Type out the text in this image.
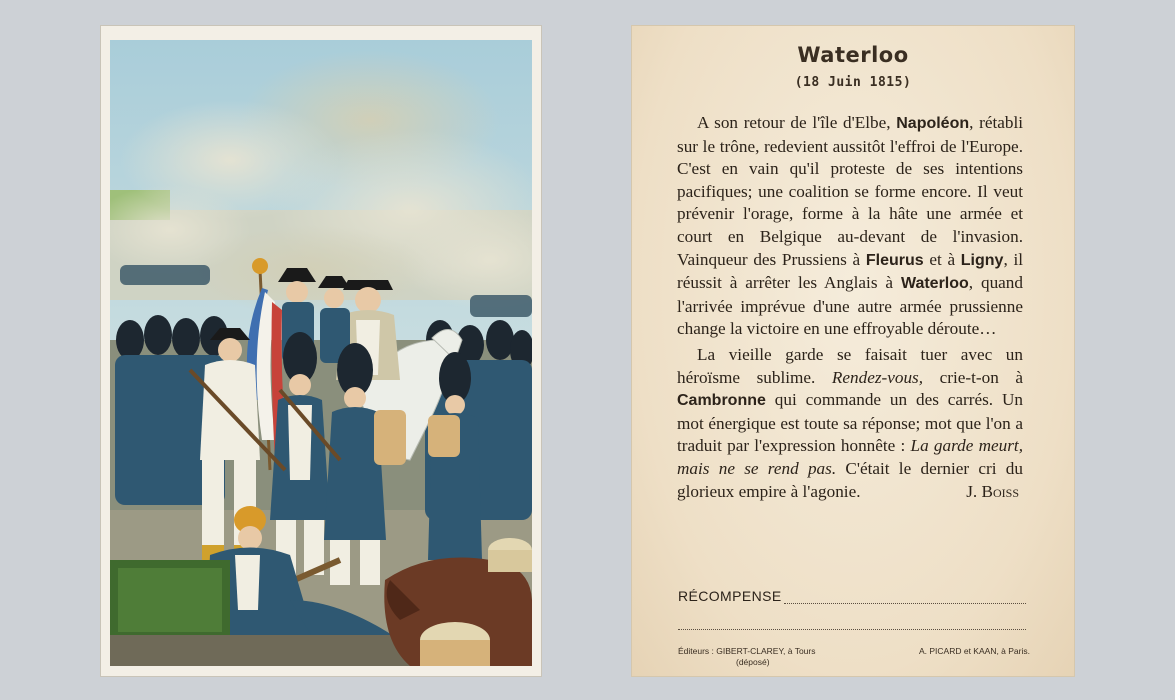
Waterloo
(18 Juin 1815)

A son retour de l'île d'Elbe, Napoléon, rétabli sur le trône, redevient aussitôt l'effroi de l'Europe. C'est en vain qu'il proteste de ses intentions pacifiques; une coalition se forme encore. Il veut prévenir l'orage, forme à la hâte une armée et court en Belgique au-devant de l'invasion. Vainqueur des Prussiens à Fleurus et à Ligny, il réussit à arrêter les Anglais à Waterloo, quand l'arrivée imprévue d'une autre armée prussienne change la victoire en une effroyable déroute…

La vieille garde se faisait tuer avec un héroïsme sublime. Rendez-vous, crie-t-on à Cambronne qui commande un des carrés. Un mot énergique est toute sa réponse; mot que l'on a traduit par l'expression honnête : La garde meurt, mais ne se rend pas. C'était le dernier cri du glorieux empire à l'agonie.	J. Boiss

RÉCOMPENSE
Éditeurs : GIBERT-CLAREY, à Tours
(déposé)
A. PICARD et KAAN, à Paris.
